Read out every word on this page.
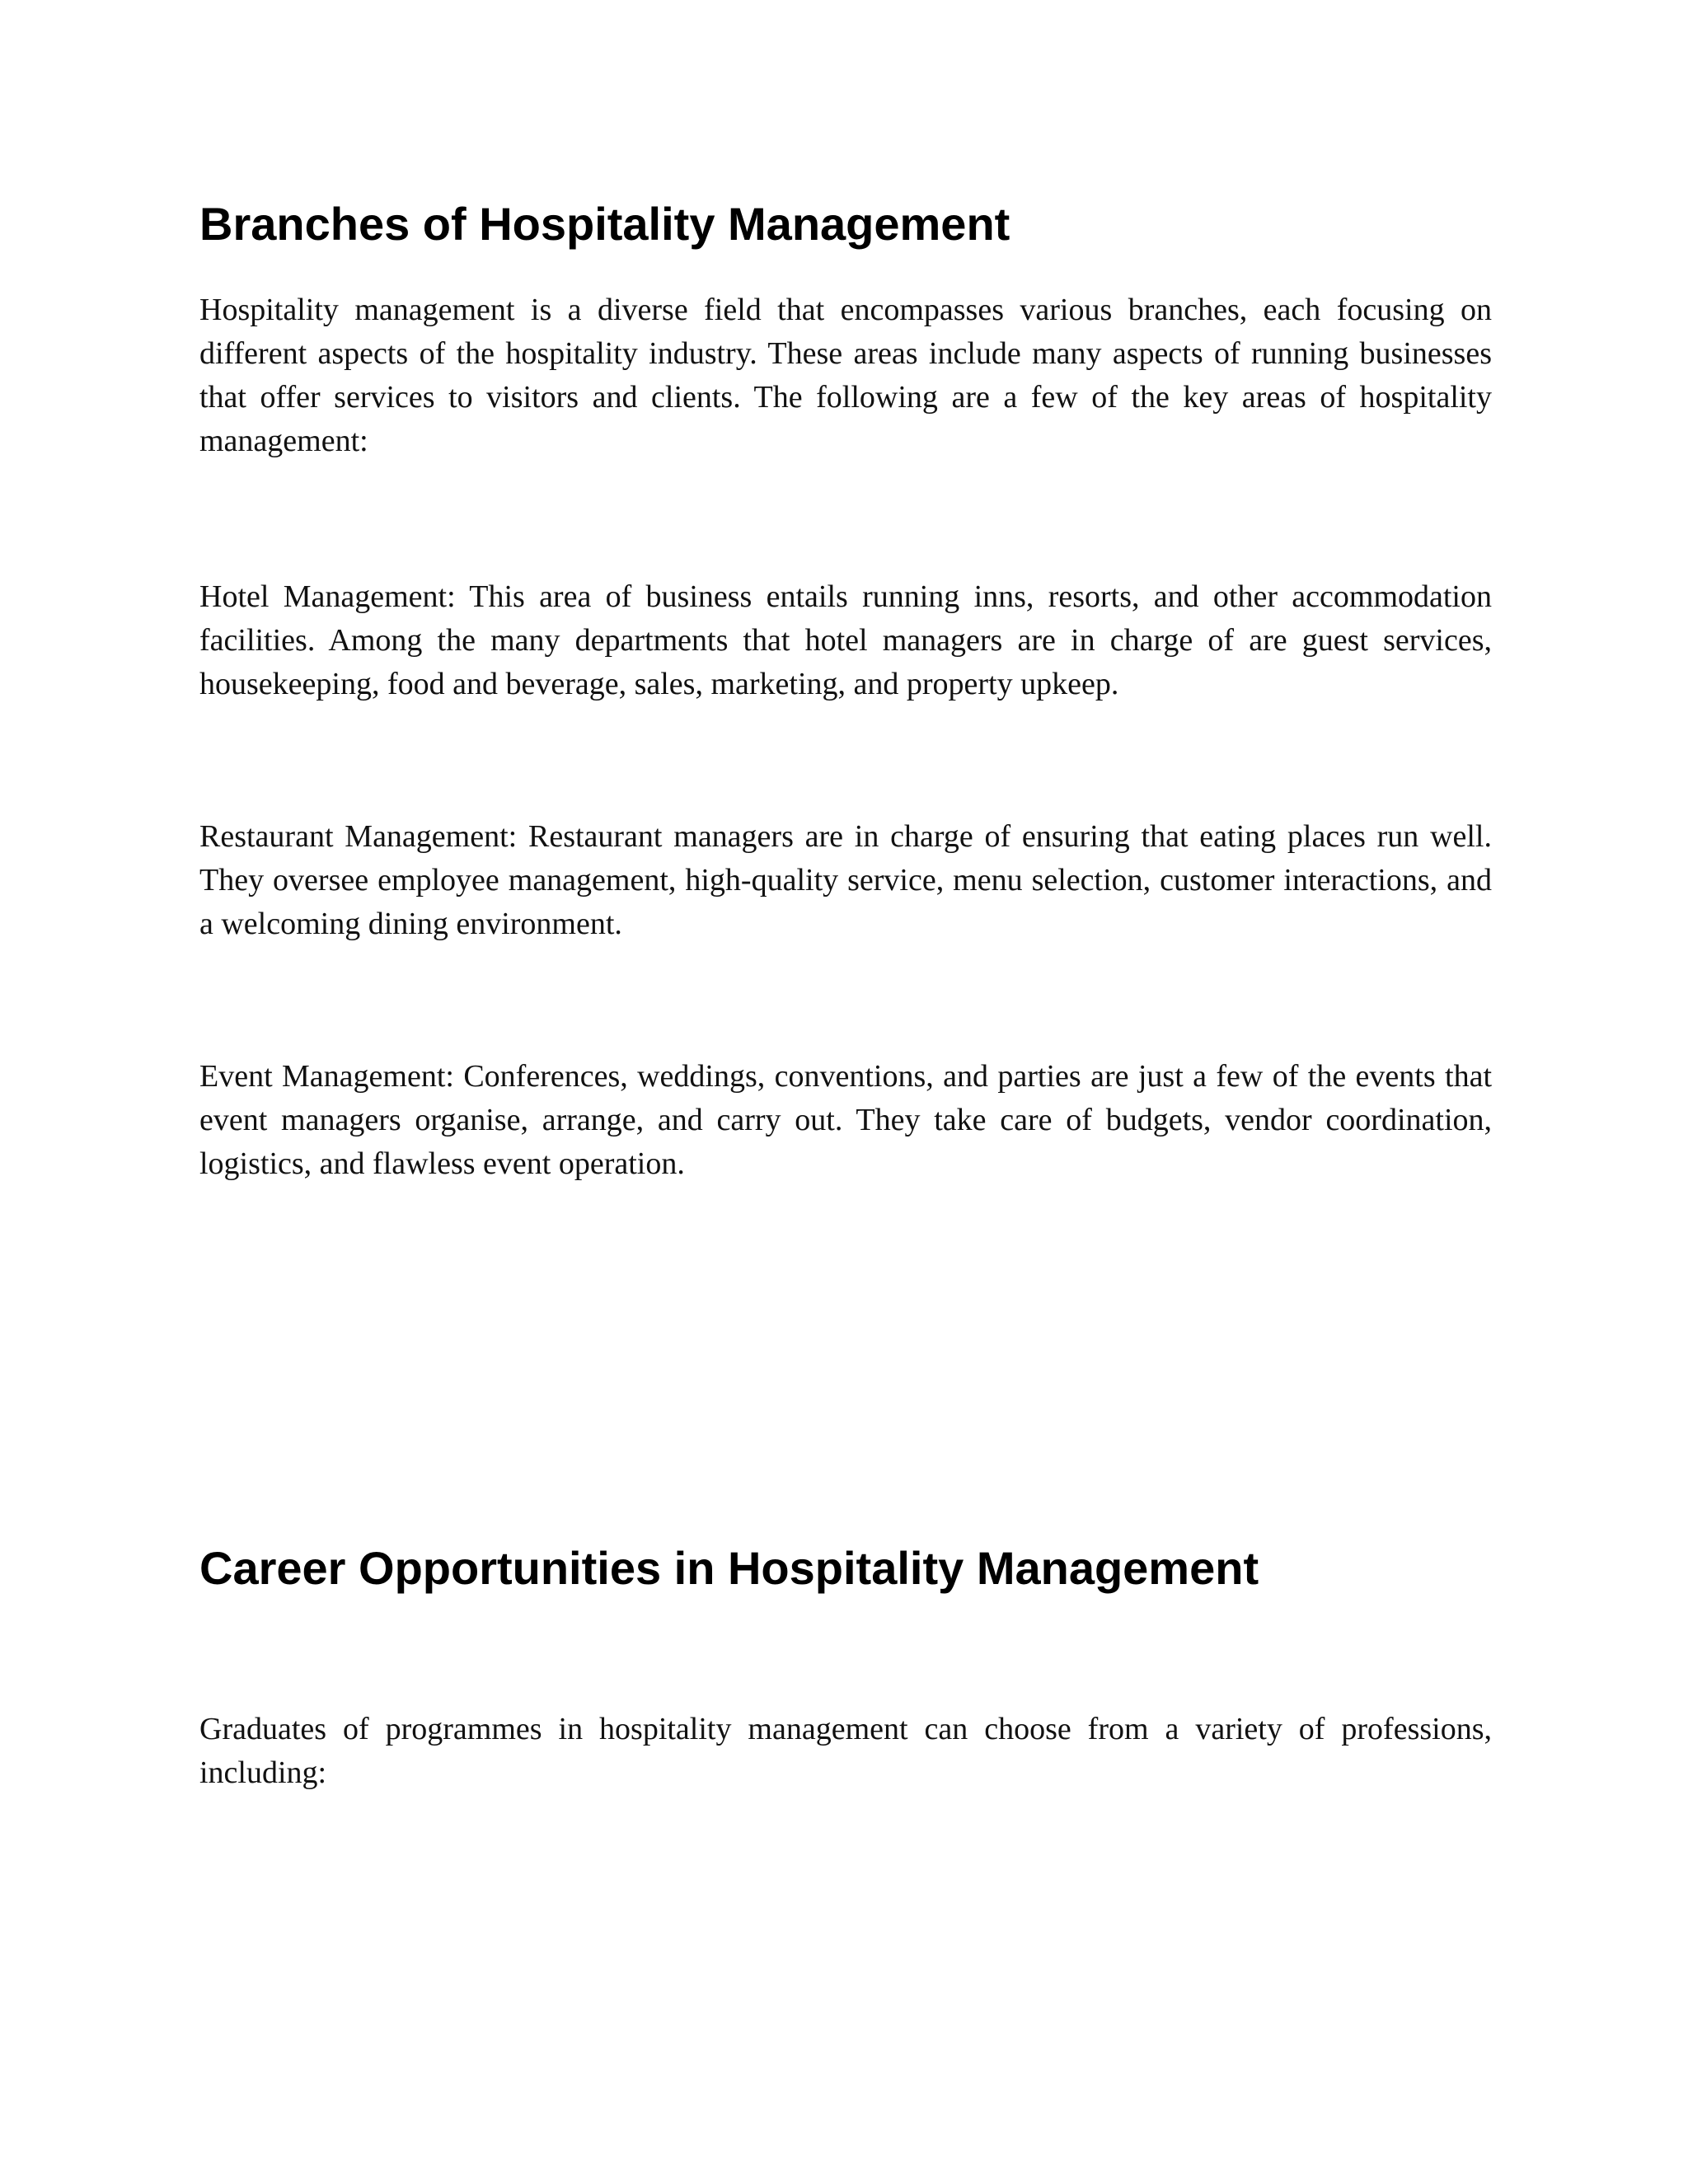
Branches of Hospitality Management

Hospitality management is a diverse field that encompasses various branches, each focusing on different aspects of the hospitality industry. These areas include many aspects of running businesses that offer services to visitors and clients. The following are a few of the key areas of hospitality management:

Hotel Management: This area of business entails running inns, resorts, and other accommodation facilities. Among the many departments that hotel managers are in charge of are guest services, housekeeping, food and beverage, sales, marketing, and property upkeep.

Restaurant Management: Restaurant managers are in charge of ensuring that eating places run well. They oversee employee management, high-quality service, menu selection, customer interactions, and a welcoming dining environment.

Event Management: Conferences, weddings, conventions, and parties are just a few of the events that event managers organise, arrange, and carry out. They take care of budgets, vendor coordination, logistics, and flawless event operation.

Career Opportunities in Hospitality Management

Graduates of programmes in hospitality management can choose from a variety of professions, including:
